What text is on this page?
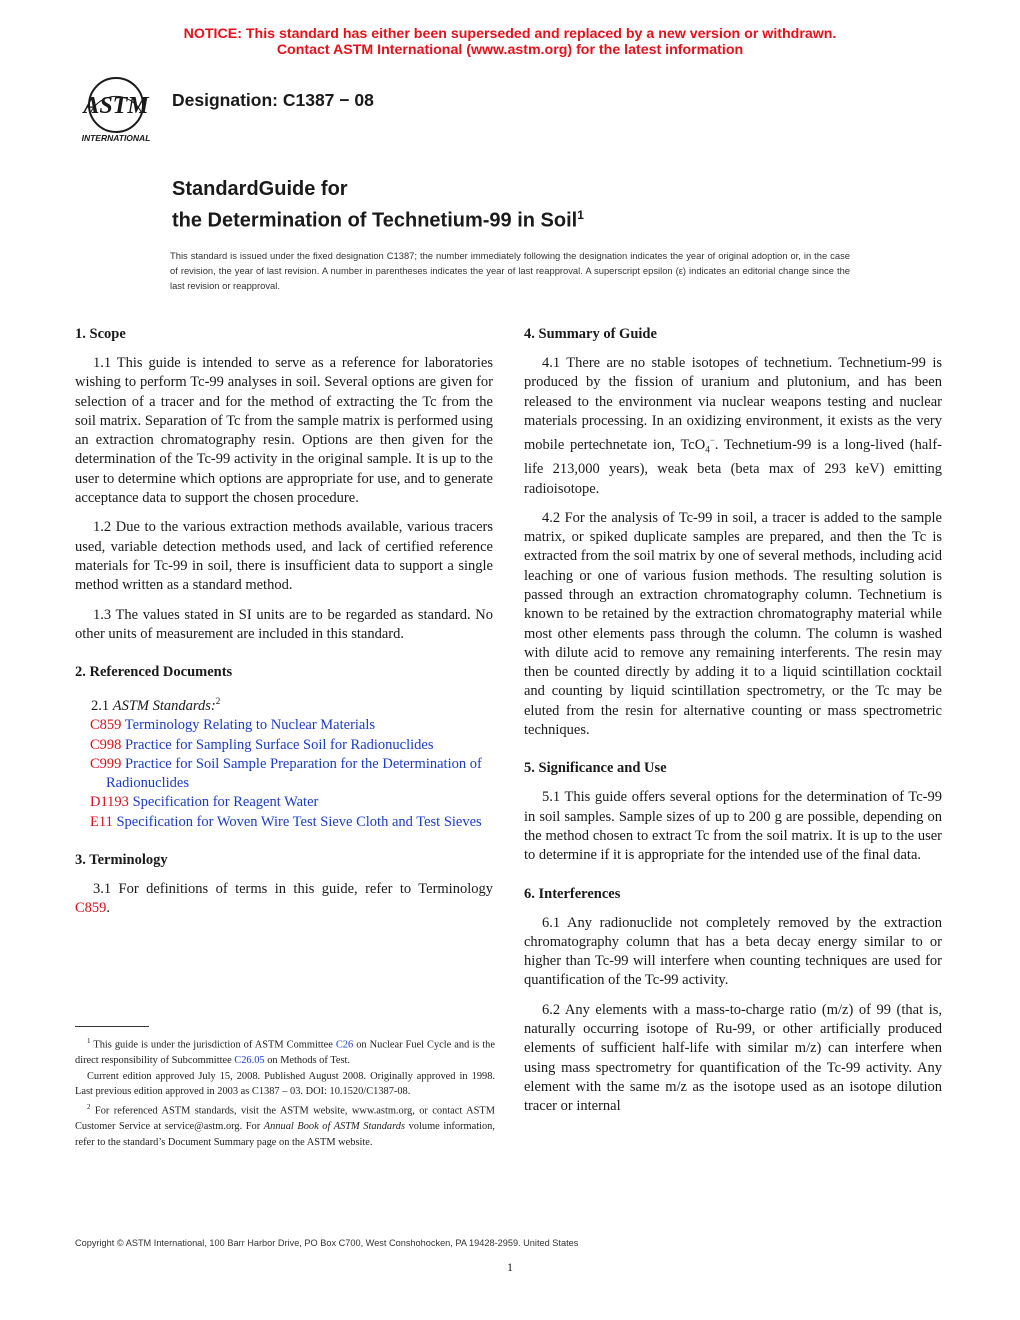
NOTICE: This standard has either been superseded and replaced by a new version or withdrawn.
Contact ASTM International (www.astm.org) for the latest information
ASTM
INTERNATIONAL
Designation: C1387 − 08
StandardGuide for
the Determination of Technetium-99 in Soil$^1$
This standard is issued under the fixed designation C1387; the number immediately following the designation indicates the year of original adoption or, in the case of revision, the year of last revision. A number in parentheses indicates the year of last reapproval. A superscript epsilon (ε) indicates an editorial change since the last revision or reapproval.
1. Scope

1.1 This guide is intended to serve as a reference for laboratories wishing to perform Tc-99 analyses in soil. Several options are given for selection of a tracer and for the method of extracting the Tc from the soil matrix. Separation of Tc from the sample matrix is performed using an extraction chromatography resin. Options are then given for the determination of the Tc-99 activity in the original sample. It is up to the user to determine which options are appropriate for use, and to generate acceptance data to support the chosen procedure.

1.2 Due to the various extraction methods available, various tracers used, variable detection methods used, and lack of certified reference materials for Tc-99 in soil, there is insufficient data to support a single method written as a standard method.

1.3 The values stated in SI units are to be regarded as standard. No other units of measurement are included in this standard.

2. Referenced Documents
2.1 ASTM Standards:$^2$
C859 Terminology Relating to Nuclear Materials
C998 Practice for Sampling Surface Soil for Radionuclides
C999 Practice for Soil Sample Preparation for the Determination of Radionuclides
D1193 Specification for Reagent Water
E11 Specification for Woven Wire Test Sieve Cloth and Test Sieves
3. Terminology

3.1 For definitions of terms in this guide, refer to Terminology C859.

4. Summary of Guide

4.1 There are no stable isotopes of technetium. Technetium-99 is produced by the fission of uranium and plutonium, and has been released to the environment via nuclear weapons testing and nuclear materials processing. In an oxidizing environment, it exists as the very mobile pertechnetate ion, TcO$_4$−. Technetium-99 is a long-lived (half-life 213,000 years), weak beta (beta max of 293 keV) emitting radioisotope.

4.2 For the analysis of Tc-99 in soil, a tracer is added to the sample matrix, or spiked duplicate samples are prepared, and then the Tc is extracted from the soil matrix by one of several methods, including acid leaching or one of various fusion methods. The resulting solution is passed through an extraction chromatography column. Technetium is known to be retained by the extraction chromatography material while most other elements pass through the column. The column is washed with dilute acid to remove any remaining interferents. The resin may then be counted directly by adding it to a liquid scintillation cocktail and counting by liquid scintillation spectrometry, or the Tc may be eluted from the resin for alternative counting or mass spectrometric techniques.

5. Significance and Use

5.1 This guide offers several options for the determination of Tc-99 in soil samples. Sample sizes of up to 200 g are possible, depending on the method chosen to extract Tc from the soil matrix. It is up to the user to determine if it is appropriate for the intended use of the final data.

6. Interferences

6.1 Any radionuclide not completely removed by the extraction chromatography column that has a beta decay energy similar to or higher than Tc-99 will interfere when counting techniques are used for quantification of the Tc-99 activity.

6.2 Any elements with a mass-to-charge ratio (m/z) of 99 (that is, naturally occurring isotope of Ru-99, or other artificially produced elements of sufficient half-life with similar m/z) can interfere when using mass spectrometry for quantification of the Tc-99 activity. Any element with the same m/z as the isotope used as an isotope dilution tracer or internal

$^1$ This guide is under the jurisdiction of ASTM Committee C26 on Nuclear Fuel Cycle and is the direct responsibility of Subcommittee C26.05 on Methods of Test.

Current edition approved July 15, 2008. Published August 2008. Originally approved in 1998. Last previous edition approved in 2003 as C1387 – 03. DOI: 10.1520/C1387-08.

$^2$ For referenced ASTM standards, visit the ASTM website, www.astm.org, or contact ASTM Customer Service at service@astm.org. For Annual Book of ASTM Standards volume information, refer to the standard’s Document Summary page on the ASTM website.

Copyright © ASTM International, 100 Barr Harbor Drive, PO Box C700, West Conshohocken, PA 19428-2959. United States
1
